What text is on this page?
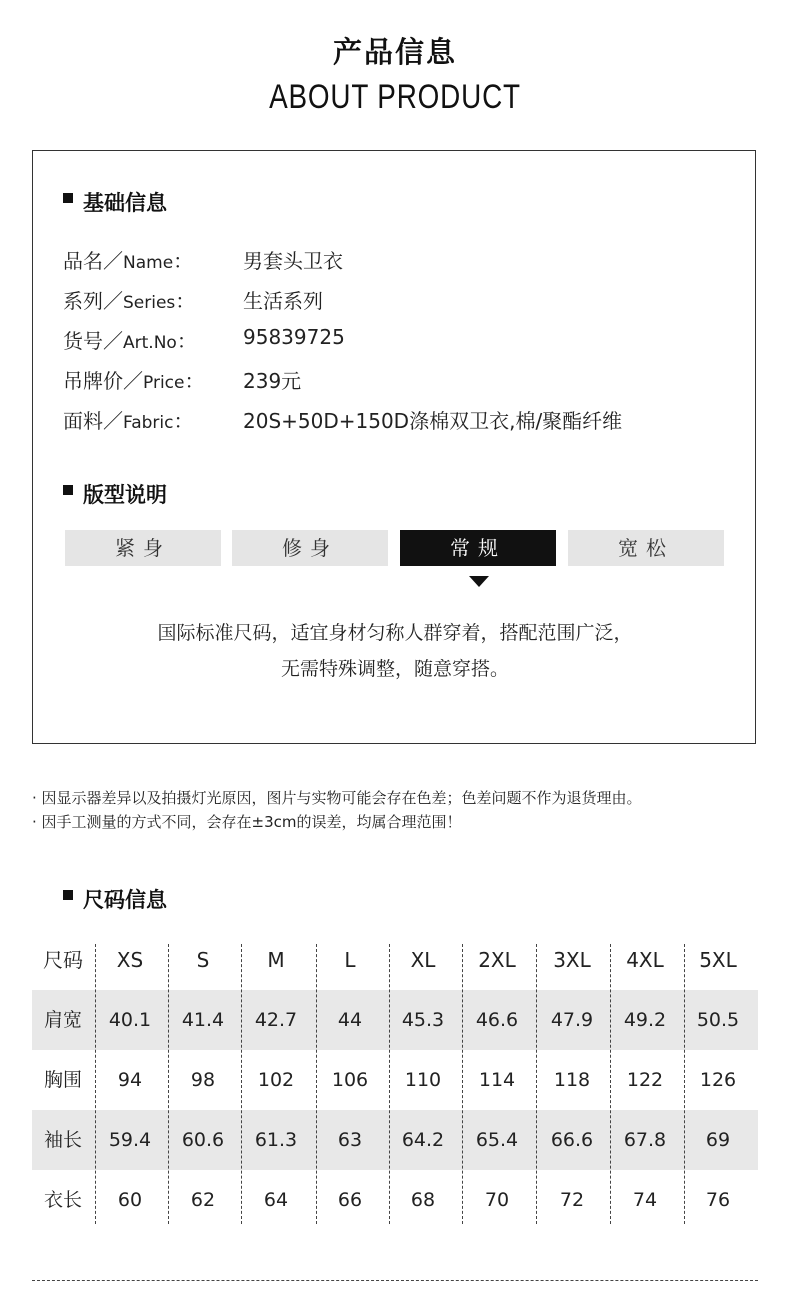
产品信息
ABOUT PRODUCT
基础信息
品名／Name： 男套头卫衣
系列／Series： 生活系列
货号／Art.No： 95839725
吊牌价／Price： 239元
面料／Fabric： 20S+50D+150D涤棉双卫衣,棉/聚酯纤维
版型说明
紧身	修身	常规	宽松
国际标准尺码，适宜身材匀称人群穿着，搭配范围广泛，
无需特殊调整，随意穿搭。
· 因显示器差异以及拍摄灯光原因，图片与实物可能会存在色差；色差问题不作为退货理由。
· 因手工测量的方式不同，会存在±3cm的误差，均属合理范围！
尺码信息
尺码	XS	S	M	L	XL	2XL	3XL	4XL	5XL
肩宽	40.1	41.4	42.7	44	45.3	46.6	47.9	49.2	50.5
胸围	94	98	102	106	110	114	118	122	126
袖长	59.4	60.6	61.3	63	64.2	65.4	66.6	67.8	69
衣长	60	62	64	66	68	70	72	74	76
